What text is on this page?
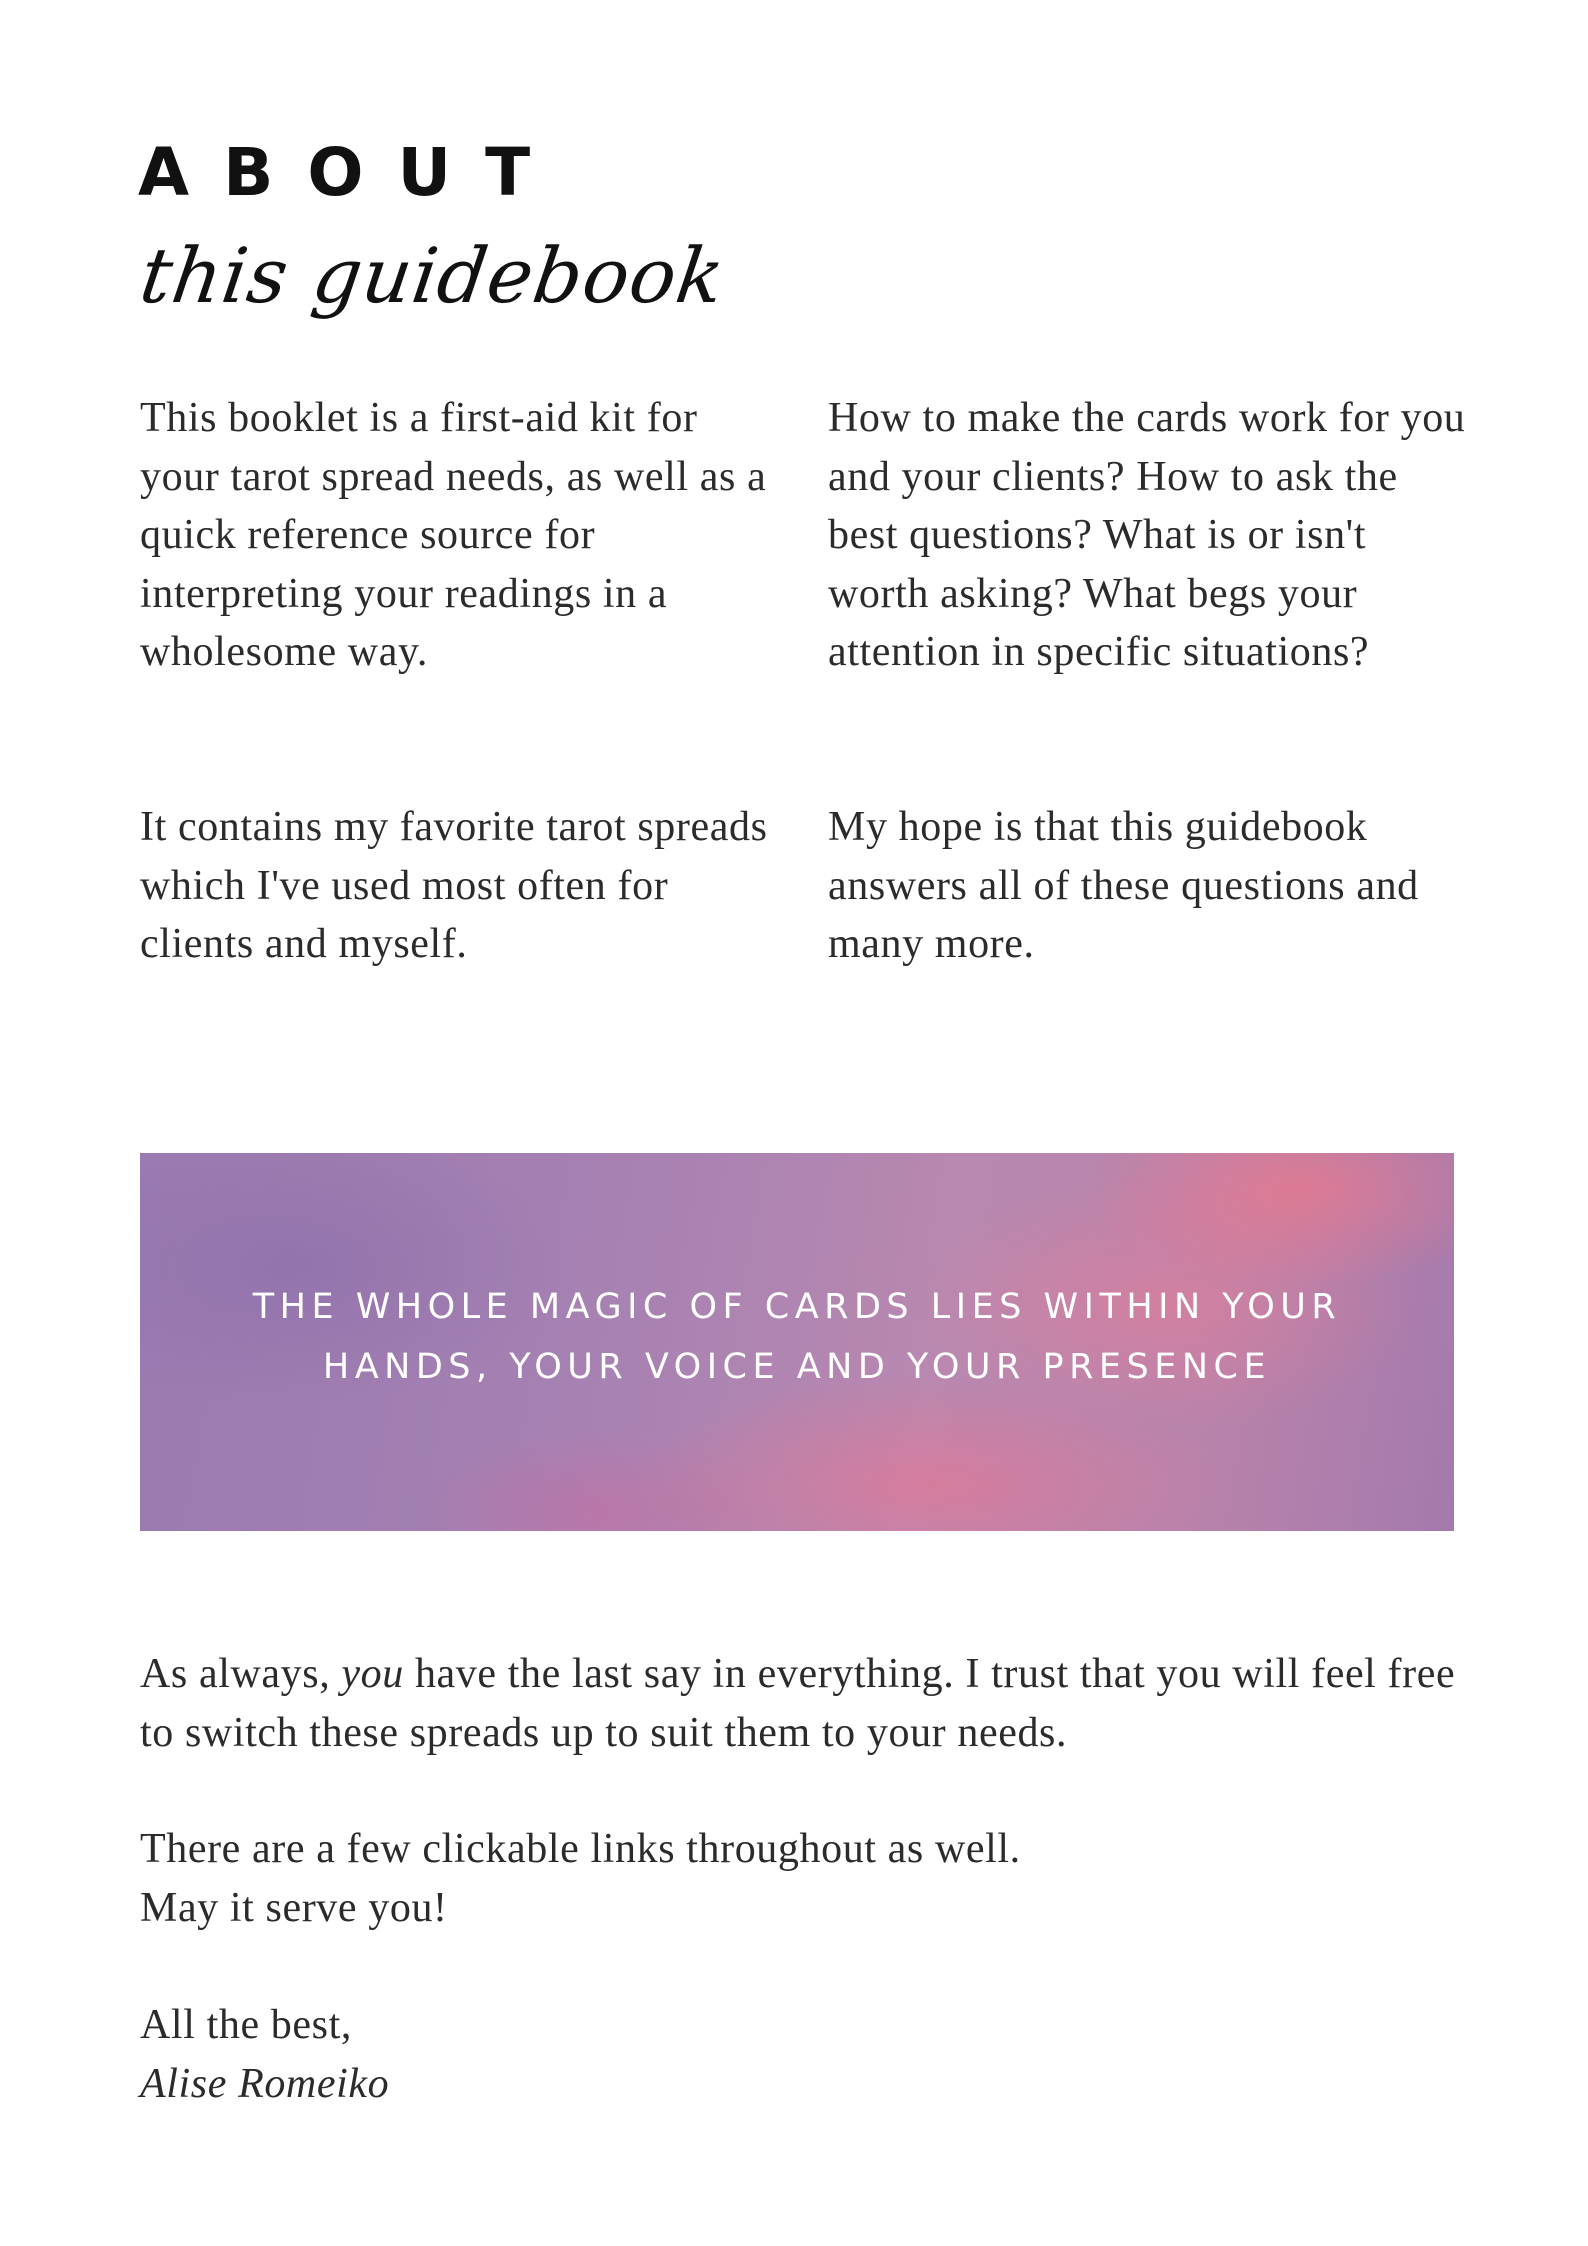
ABOUT
this guidebook

This booklet is a first-aid kit for your tarot spread needs, as well as a quick reference source for interpreting your readings in a wholesome way.

How to make the cards work for you and your clients? How to ask the best questions? What is or isn't worth asking? What begs your attention in specific situations?

It contains my favorite tarot spreads which I've used most often for clients and myself.

My hope is that this guidebook answers all of these questions and many more.

THE WHOLE MAGIC OF CARDS LIES WITHIN YOUR
HANDS, YOUR VOICE AND YOUR PRESENCE

As always, you have the last say in everything. I trust that you will feel free to switch these spreads up to suit them to your needs.

There are a few clickable links throughout as well.
May it serve you!

All the best,
Alise Romeiko
